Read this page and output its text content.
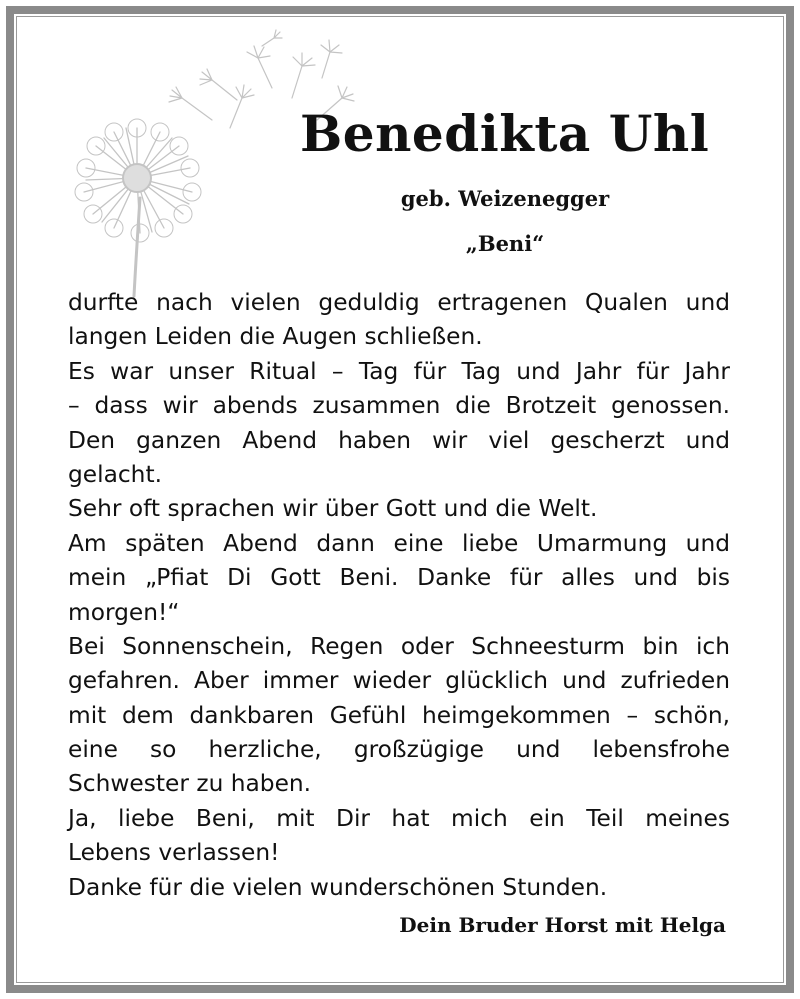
Benedikta Uhl
geb. Weizenegger
„Beni“
durfte nach vielen geduldig ertragenen Qualen und
langen Leiden die Augen schließen.
Es war unser Ritual – Tag für Tag und Jahr für Jahr
– dass wir abends zusammen die Brotzeit genossen.
Den ganzen Abend haben wir viel gescherzt und
gelacht.
Sehr oft sprachen wir über Gott und die Welt.
Am späten Abend dann eine liebe Umarmung und
mein „Pfiat Di Gott Beni. Danke für alles und bis
morgen!“
Bei Sonnenschein, Regen oder Schneesturm bin ich
gefahren. Aber immer wieder glücklich und zufrieden
mit dem dankbaren Gefühl heimgekommen – schön,
eine so herzliche, großzügige und lebensfrohe
Schwester zu haben.
Ja, liebe Beni, mit Dir hat mich ein Teil meines
Lebens verlassen!
Danke für die vielen wunderschönen Stunden.
Dein Bruder Horst mit Helga
